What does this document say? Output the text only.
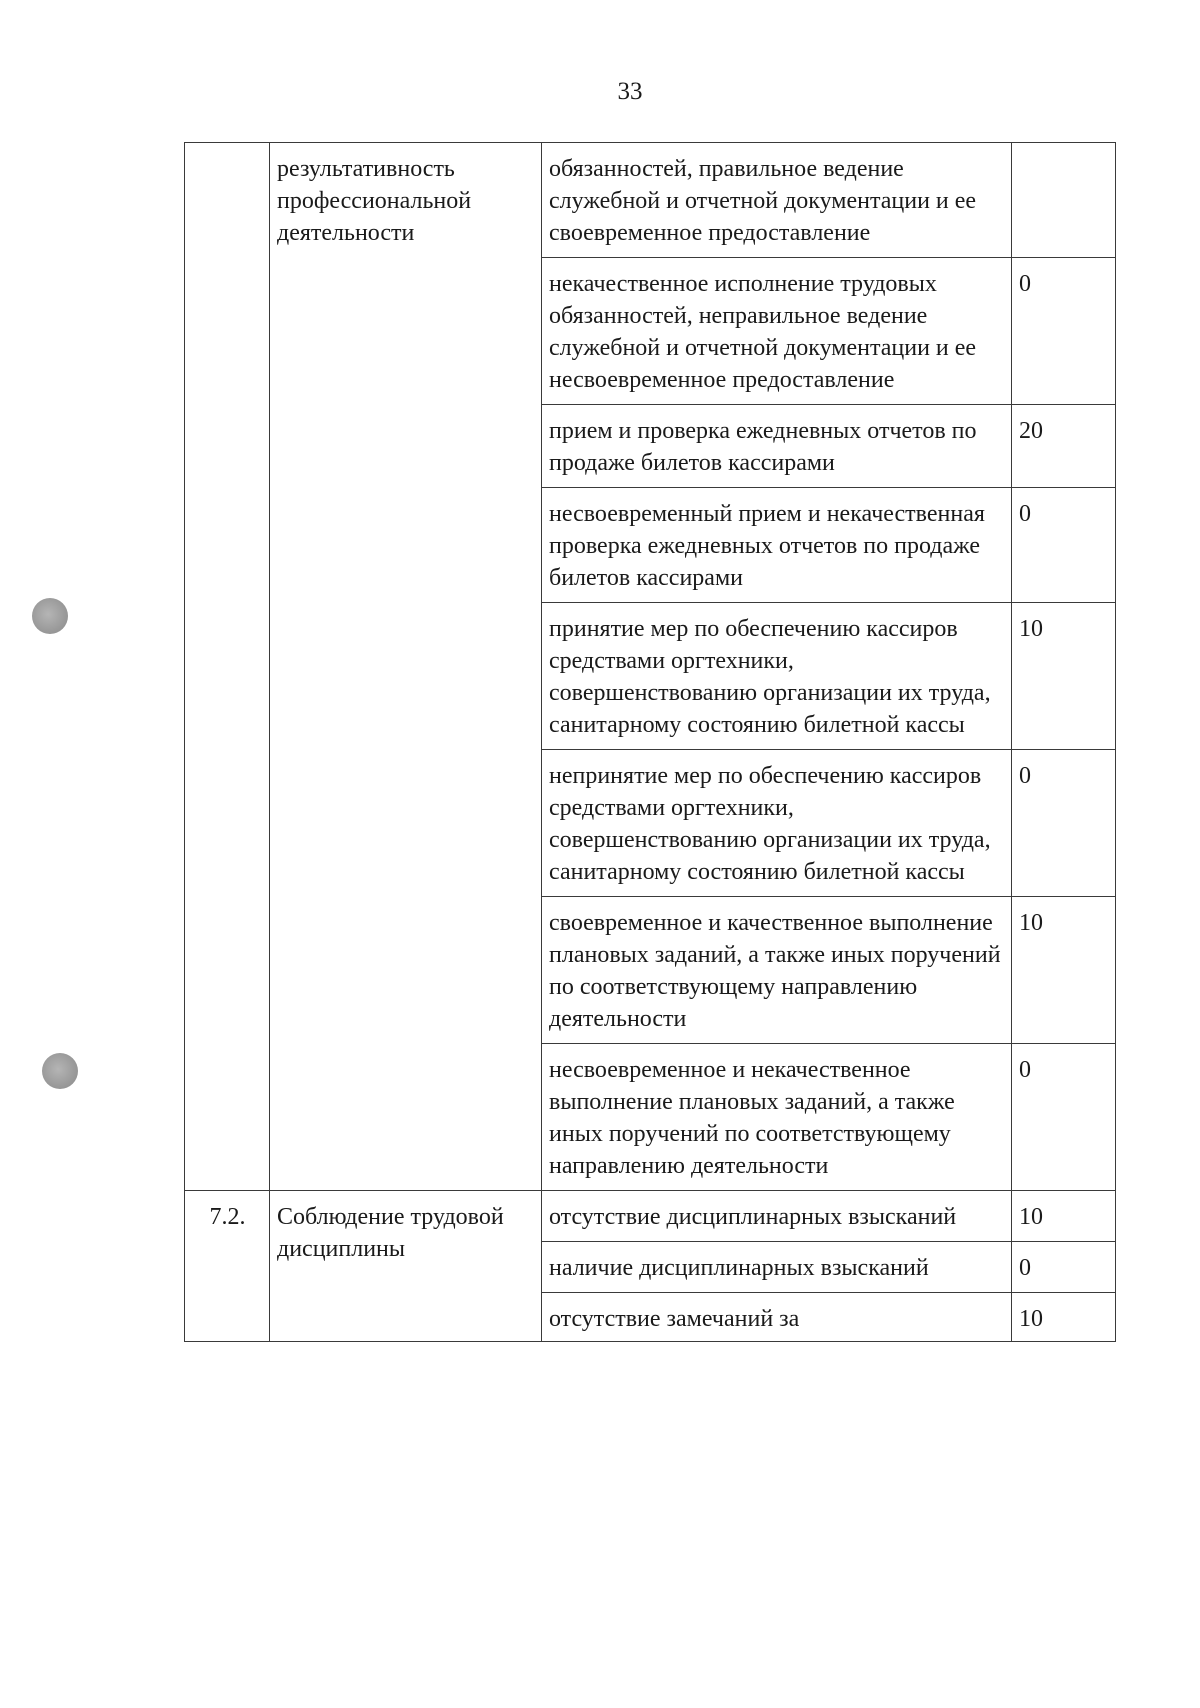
33
	результативность профессиональной деятельности	обязанностей, правильное ведение служебной и отчетной документации и ее своевременное предоставление	
		некачественное исполнение трудовых обязанностей, неправильное ведение служебной и отчетной документации и ее несвоевременное предоставление	0
		прием и проверка ежедневных отчетов по продаже билетов кассирами	20
		несвоевременный прием и некачественная проверка ежедневных отчетов по продаже билетов кассирами	0
		принятие мер по обеспечению кассиров средствами оргтехники, совершенствованию организации их труда, санитарному состоянию билетной кассы	10
		непринятие мер по обеспечению кассиров средствами оргтехники, совершенствованию организации их труда, санитарному состоянию билетной кассы	0
		своевременное и качественное выполнение плановых заданий, а также иных поручений по соответствующему направлению деятельности	10
		несвоевременное и некачественное выполнение плановых заданий, а также иных поручений по соответствующему направлению деятельности	0
7.2.	Соблюдение трудовой дисциплины	отсутствие дисциплинарных взысканий	10
		наличие дисциплинарных взысканий	0
		отсутствие замечаний за	10
